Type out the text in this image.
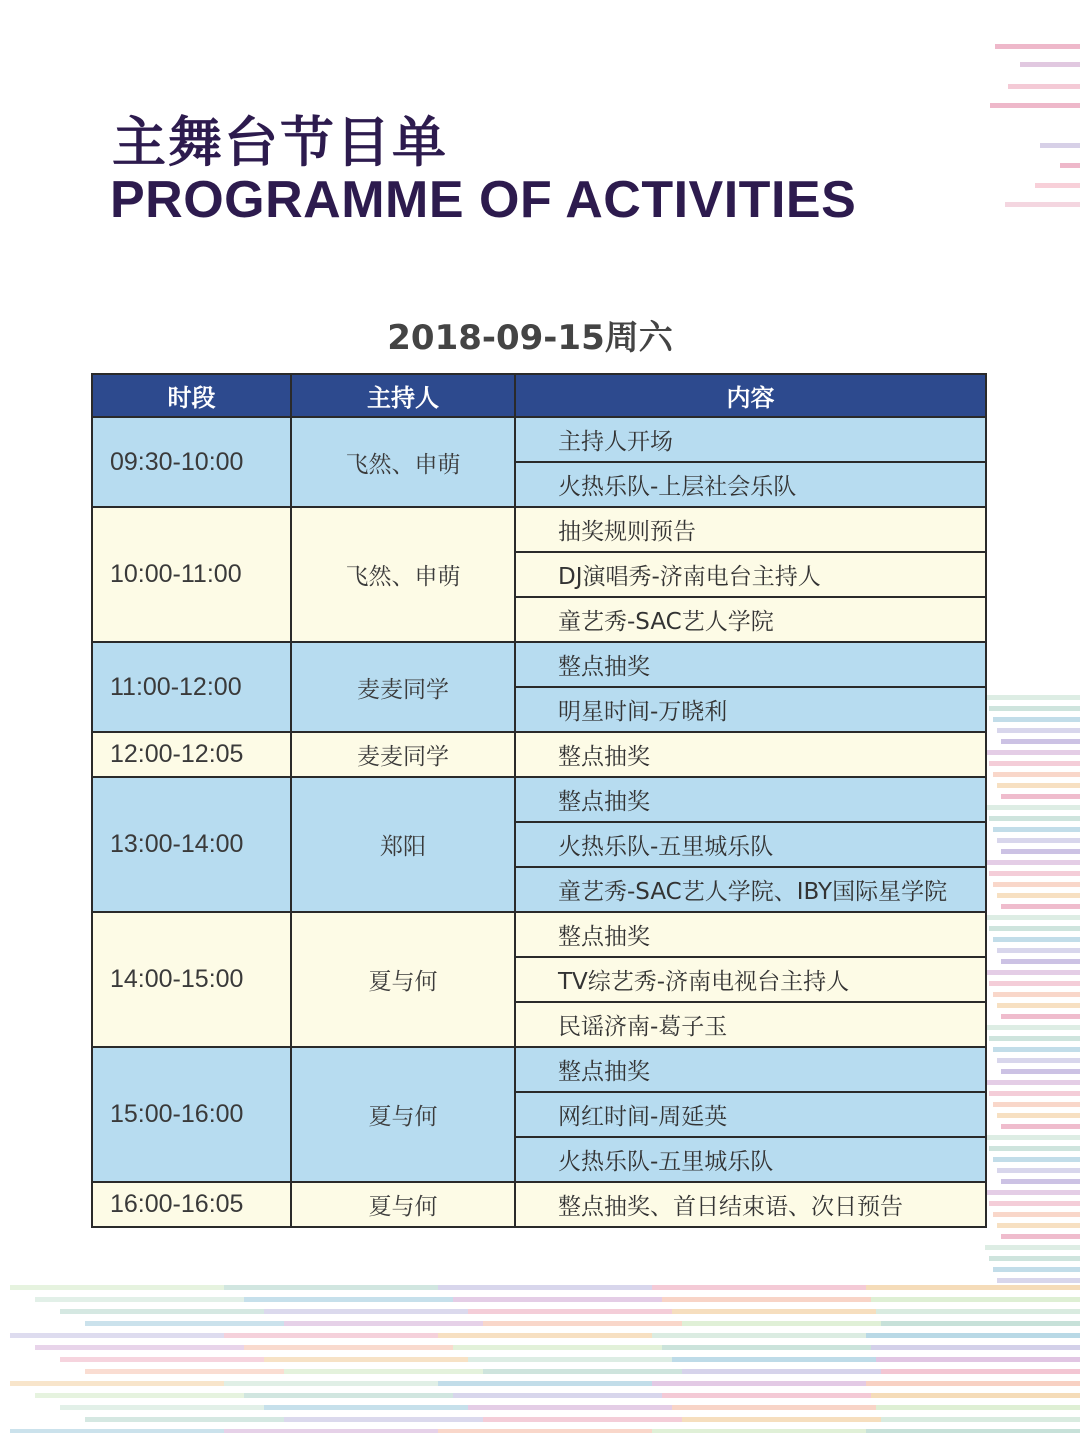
主舞台节目单
PROGRAMME OF ACTIVITIES
2018-09-15周六
时段	主持人	内容
09:30-10:00	飞然、申萌	主持人开场
		火热乐队-上层社会乐队
10:00-11:00	飞然、申萌	抽奖规则预告
		DJ演唱秀-济南电台主持人
		童艺秀-SAC艺人学院
11:00-12:00	麦麦同学	整点抽奖
		明星时间-万晓利
12:00-12:05	麦麦同学	整点抽奖
13:00-14:00	郑阳	整点抽奖
		火热乐队-五里城乐队
		童艺秀-SAC艺人学院、IBY国际星学院
14:00-15:00	夏与何	整点抽奖
		TV综艺秀-济南电视台主持人
		民谣济南-葛子玉
15:00-16:00	夏与何	整点抽奖
		网红时间-周延英
		火热乐队-五里城乐队
16:00-16:05	夏与何	整点抽奖、首日结束语、次日预告
